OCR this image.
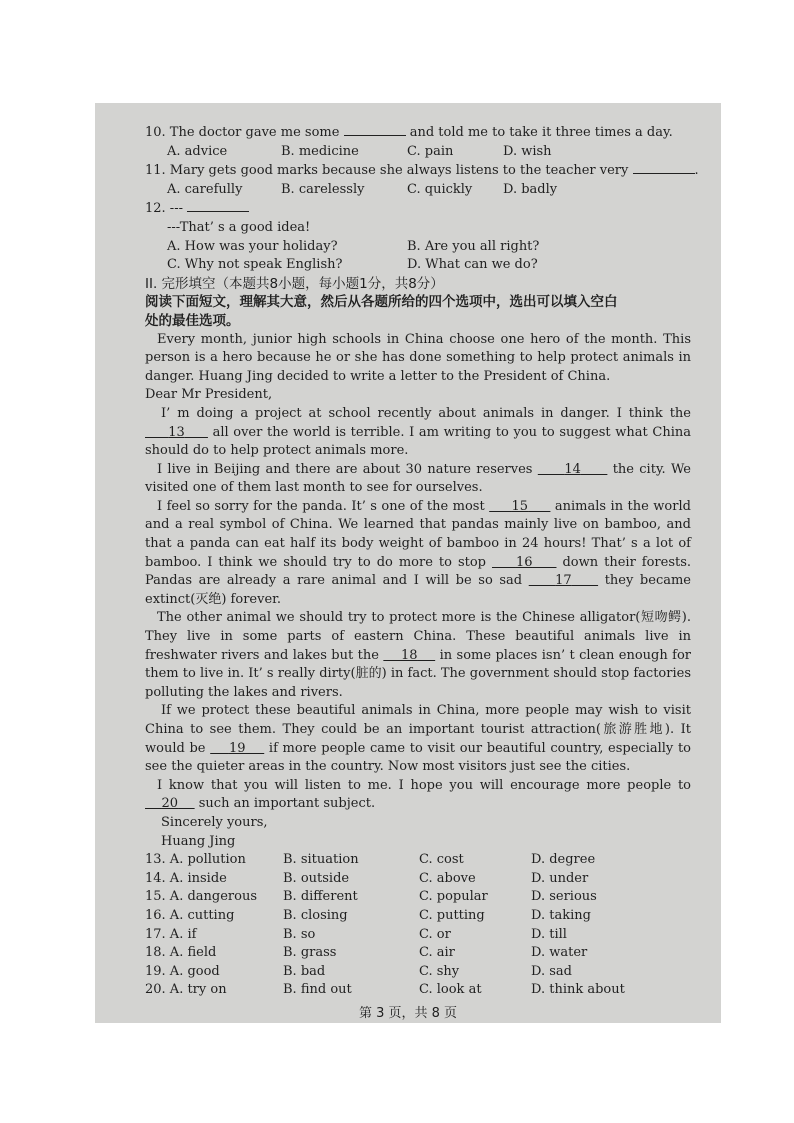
10. The doctor gave me some	and told me to take it three times a day.
A. advice	B. medicine	C. pain	D. wish
11. Mary gets good marks because she always listens to the teacher very	.
A. carefully	B. carelessly	C. quickly	D. badly
12. ---
---That’ s a good idea!
A. How was your holiday?	B. Are you all right?
C. Why not speak English?	D. What can we do?
II. 完形填空（本题共8小题，每小题1分，共8分）
阅读下面短文，理解其大意，然后从各题所给的四个选项中，选出可以填入空白
处的最佳选项。

Every month, junior high schools in China choose one hero of the month. This person is a hero because he or she has done something to help protect animals in danger. Huang Jing decided to write a letter to the President of China.

Dear Mr President,

I’ m doing a project at school recently about animals in danger. I think the      13 all over the world is terrible. I am writing to you to suggest what China should do to help protect animals more.

I live in Beijing and there are about 30 nature reserves 14 the city. We visited one of them last month to see for ourselves.

I feel so sorry for the panda. It’ s one of the most 15 animals in the world and a real symbol of China. We learned that pandas mainly live on bamboo, and that a panda can eat half its body weight of bamboo in 24 hours! That’ s a lot of bamboo. I think we should try to do more to stop 16 down their forests. Pandas are already a rare animal and I will be so sad	17	they became extinct(灭绝) forever.

The other animal we should try to protect more is the Chinese alligator(短吻鳄). They live in some parts of eastern China. These beautiful animals live in freshwater rivers and lakes but the 18 in some places isn’ t clean enough for them to live in. It’ s really dirty(脏的) in fact. The government should stop factories polluting the lakes and rivers.

If we protect these beautiful animals in China, more people may wish to visit China to see them. They could be an important tourist attraction(旅游胜地). It would be 19 if more people came to visit our beautiful country, especially to see the quieter areas in the country. Now most visitors just see the cities.

I know that you will listen to me. I hope you will encourage more people to     20 such an important subject.

Sincerely yours,
Huang Jing
13. A. pollution	B. situation	C. cost	D. degree
14. A. inside	B. outside	C. above	D. under
15. A. dangerous	B. different	C. popular	D. serious
16. A. cutting	B. closing	C. putting	D. taking
17. A. if	B. so	C. or	D. till
18. A. field	B. grass	C. air	D. water
19. A. good	B. bad	C. shy	D. sad
20. A. try on	B. find out	C. look at	D. think about
第 3 页，共 8 页
